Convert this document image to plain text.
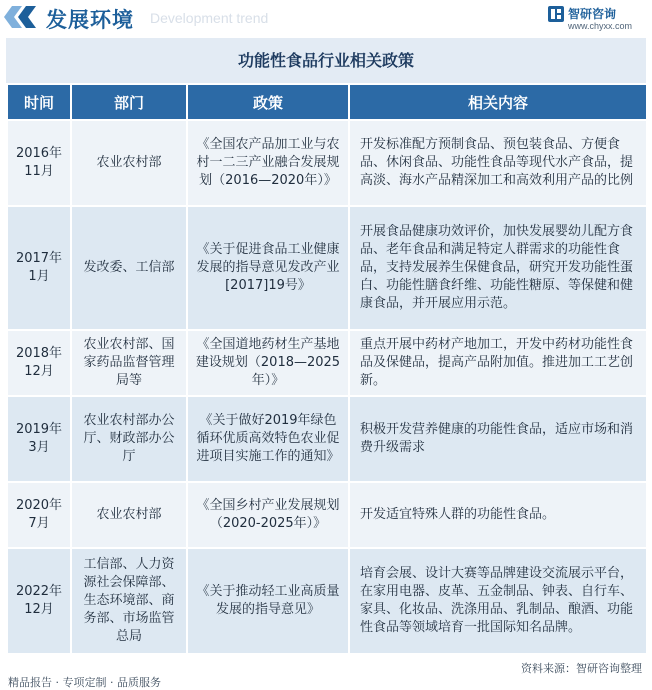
发展环境 Development trend	智研咨询
www.chyxx.com
功能性食品行业相关政策
时间	部门	政策	相关内容
2016年11月	农业农村部	《全国农产品加工业与农村一二三产业融合发展规划（2016—2020年）》	开发标准配方预制食品、预包装食品、方便食品、休闲食品、功能性食品等现代水产食品，提高淡、海水产品精深加工和高效利用产品的比例
2017年1月	发改委、工信部	《关于促进食品工业健康发展的指导意见发改产业[2017]19号》	开展食品健康功效评价，加快发展婴幼儿配方食品、老年食品和满足特定人群需求的功能性食品，支持发展养生保健食品，研究开发功能性蛋白、功能性膳食纤维、功能性糖原、等保健和健康食品，并开展应用示范。
2018年12月	农业农村部、国家药品监督管理局等	《全国道地药材生产基地建设规划（2018—2025年）》	重点开展中药材产地加工，开发中药材功能性食品及保健品，提高产品附加值。推进加工工艺创新。
2019年3月	农业农村部办公厅、财政部办公厅	《关于做好2019年绿色循环优质高效特色农业促进项目实施工作的通知》	积极开发营养健康的功能性食品，适应市场和消费升级需求
2020年7月	农业农村部	《全国乡村产业发展规划（2020-2025年）》	开发适宜特殊人群的功能性食品。
2022年12月	工信部、人力资源社会保障部、生态环境部、商务部、市场监管总局	《关于推动轻工业高质量发展的指导意见》	培育会展、设计大赛等品牌建设交流展示平台，在家用电器、皮革、五金制品、钟表、自行车、家具、化妆品、洗涤用品、乳制品、酿酒、功能性食品等领域培育一批国际知名品牌。
精品报告 · 专项定制 · 品质服务
资料来源：智研咨询整理
